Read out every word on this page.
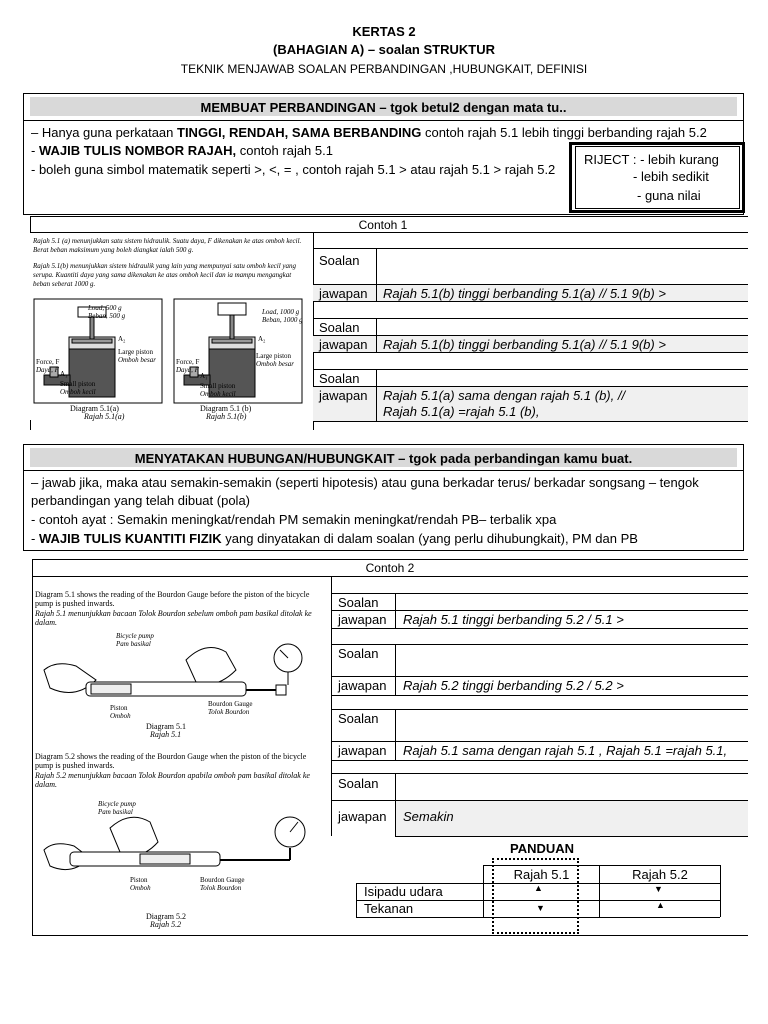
KERTAS 2
(BAHAGIAN A) – soalan STRUKTUR
TEKNIK MENJAWAB SOALAN PERBANDINGAN ,HUBUNGKAIT, DEFINISI
MEMBUAT PERBANDINGAN – tgok betul2 dengan mata tu..
– Hanya guna perkataan TINGGI, RENDAH, SAMA BERBANDING contoh rajah 5.1 lebih tinggi berbanding rajah 5.2
- WAJIB TULIS NOMBOR RAJAH, contoh rajah 5.1
- boleh guna simbol matematik seperti >, <, = , contoh rajah 5.1 > atau rajah 5.1 > rajah 5.2
RIJECT : - lebih kurang
- lebih sedikit
- guna nilai
Contoh 1
Rajah 5.1 (a) menunjukkan satu sistem hidraulik. Suatu daya, F dikenakan ke atas omboh kecil. Berat beban maksimum yang boleh diangkat ialah 500 g.
Rajah 5.1(b) menunjukkan sistem hidraulik yang lain yang mempunyai satu omboh kecil yang serupa. Kuantiti daya yang sama dikenakan ke atas omboh kecil dan ia mampu mengangkat beban seberat 1000 g.
Load, 500 g
Beban, 500 g
A₂
Large piston
Omboh besar
Force, F
Daya, F A₁
Small piston
Omboh kecil
Load, 1000 g
Beban, 1000 g
A₂
Large piston
Omboh besar
Force, F
Daya, F
A₁
Small piston
Omboh kecil
Diagram 5.1(a)
Rajah 5.1(a)
Diagram 5.1 (b)
Rajah 5.1(b)
Soalan
jawapan Rajah 5.1(b) tinggi berbanding 5.1(a) // 5.1 9(b) >
Soalan
jawapan Rajah 5.1(b) tinggi berbanding 5.1(a) // 5.1 9(b) >
Soalan
jawapan Rajah 5.1(a) sama dengan rajah 5.1 (b), //
Rajah 5.1(a) =rajah 5.1 (b),
MENYATAKAN HUBUNGAN/HUBUNGKAIT – tgok pada perbandingan kamu buat.
– jawab jika, maka atau semakin-semakin (seperti hipotesis) atau guna berkadar terus/ berkadar songsang – tengok
perbandingan yang telah dibuat (pola)
- contoh ayat : Semakin meningkat/rendah PM semakin meningkat/rendah PB– terbalik xpa
- WAJIB TULIS KUANTITI FIZIK yang dinyatakan di dalam soalan (yang perlu dihubungkait), PM dan PB
Contoh 2
Diagram 5.1 shows the reading of the Bourdon Gauge before the piston of the bicycle pump is pushed inwards.
Rajah 5.1 menunjukkan bacaan Tolok Bourdon sebelum omboh pam basikal ditolak ke dalam.
Bicycle pump
Pam basikal
Piston
Omboh
Bourdon Gauge
Tolok Bourdon
Diagram 5.1
Rajah 5.1
Diagram 5.2 shows the reading of the Bourdon Gauge when the piston of the bicycle pump is pushed inwards.
Rajah 5.2 menunjukkan bacaan Tolok Bourdon apabila omboh pam basikal ditolak ke dalam.
Bicycle pump
Pam basikal
Piston
Omboh
Bourdon Gauge
Tolok Bourdon
Diagram 5.2
Rajah 5.2
Soalan
jawapan Rajah 5.1 tinggi berbanding 5.2 / 5.1 >
Soalan
jawapan Rajah 5.2 tinggi berbanding 5.2 / 5.2 >
Soalan
jawapan Rajah 5.1 sama dengan rajah 5.1 , Rajah 5.1 =rajah 5.1,
Soalan
jawapan Semakin
PANDUAN
Rajah 5.1	Rajah 5.2
Isipadu udara
Tekanan
▲
▼
▼
▲
